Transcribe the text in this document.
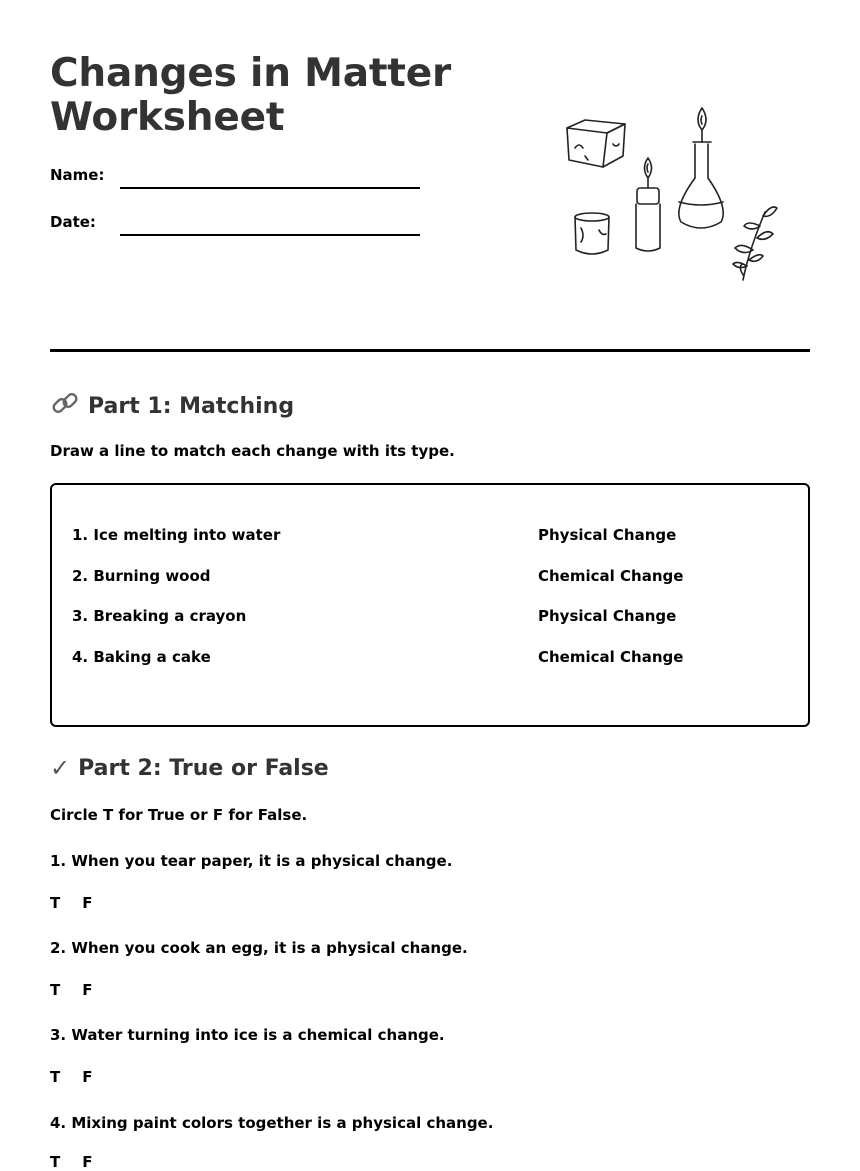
Changes in Matter Worksheet
Name:
Date:
Part 1: Matching
Draw a line to match each change with its type.
1. Ice melting into water	Physical Change
2. Burning wood	Chemical Change
3. Breaking a crayon	Physical Change
4. Baking a cake	Chemical Change
✓ Part 2: True or False
Circle T for True or F for False.
1. When you tear paper, it is a physical change.
T F
2. When you cook an egg, it is a physical change.
T F
3. Water turning into ice is a chemical change.
T F
4. Mixing paint colors together is a physical change.
T F
